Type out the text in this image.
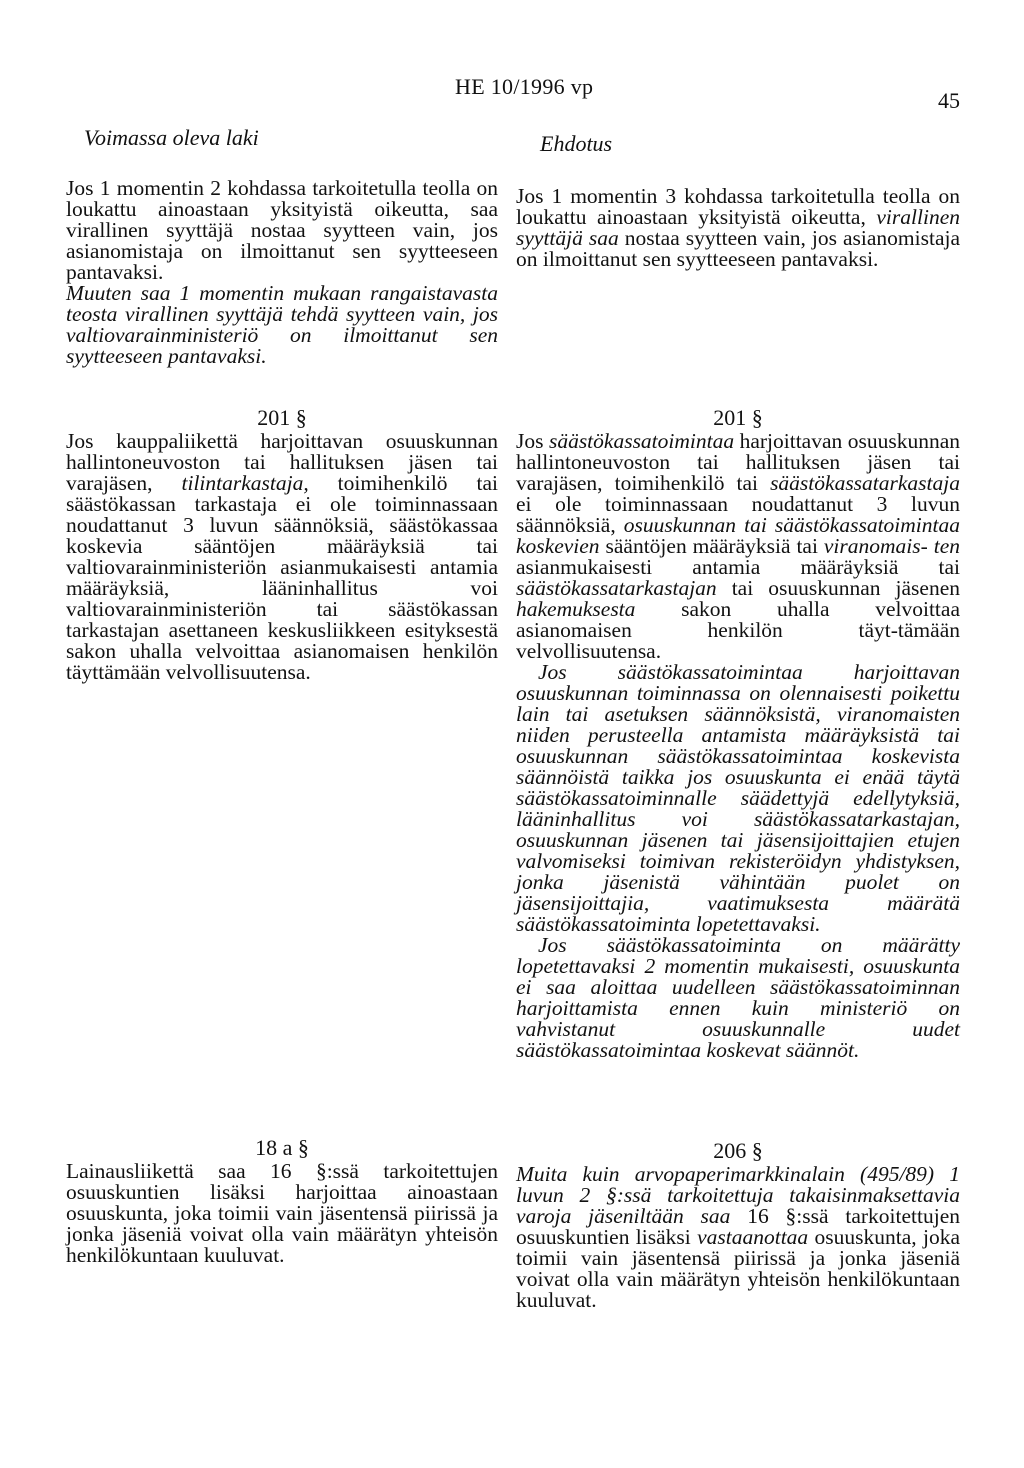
HE 10/1996 vp
45
Voimassa oleva laki	Ehdotus

Jos 1 momentin 2 kohdassa tarkoitetulla teolla on loukattu ainoastaan yksityistä oikeutta, saa virallinen syyttäjä nostaa syytteen vain, jos asianomistaja on ilmoittanut sen syytteeseen pantavaksi.

Muuten saa 1 momentin mukaan rangaistavasta teosta virallinen syyttäjä tehdä syytteen vain, jos valtiovarainministeriö on ilmoittanut sen syytteeseen pantavaksi.

201 §

Jos kauppaliikettä harjoittavan osuuskunnan hallintoneuvoston tai hallituksen jäsen tai varajäsen, tilintarkastaja, toimihenkilö tai säästökassan tarkastaja ei ole toiminnassaan noudattanut 3 luvun säännöksiä, säästökassaa koskevia sääntöjen määräyksiä tai valtiovarainministeriön asianmukaisesti antamia määräyksiä, lääninhallitus voi valtiovarainministeriön tai säästökassan tarkastajan asettaneen keskusliikkeen esityksestä sakon uhalla velvoittaa asianomaisen henkilön täyttämään velvollisuutensa.

18 a §

Lainausliikettä saa 16 §:ssä tarkoitettujen osuuskuntien lisäksi harjoittaa ainoastaan osuuskunta, joka toimii vain jäsentensä piirissä ja jonka jäseniä voivat olla vain määrätyn yhteisön henkilökuntaan kuuluvat.

Jos 1 momentin 3 kohdassa tarkoitetulla teolla on loukattu ainoastaan yksityistä oikeutta, virallinen syyttäjä saa nostaa syytteen vain, jos asianomistaja on ilmoittanut sen syytteeseen pantavaksi.

201 §

Jos säästökassatoimintaa harjoittavan osuuskunnan hallintoneuvoston tai hallituksen jäsen tai varajäsen, toimihenkilö tai säästökassatarkastaja ei ole toiminnassaan noudattanut 3 luvun säännöksiä, osuuskunnan tai säästökassatoimintaa koskevien sääntöjen määräyksiä tai viranomais- ten asianmukaisesti antamia määräyksiä tai säästökassatarkastajan tai osuuskunnan jäsenen hakemuksesta sakon uhalla velvoittaa asianomaisen henkilön täyt-tämään velvollisuutensa.

Jos säästökassatoimintaa harjoittavan osuuskunnan toiminnassa on olennaisesti poikettu lain tai asetuksen säännöksistä, viranomaisten niiden perusteella antamista määräyksistä tai osuuskunnan säästökassatoimintaa koskevista säännöistä taikka jos osuuskunta ei enää täytä säästökassatoiminnalle säädettyjä edellytyksiä, lääninhallitus voi säästökassatarkastajan, osuuskunnan jäsenen tai jäsensijoittajien etujen valvomiseksi toimivan rekisteröidyn yhdistyksen, jonka jäsenistä vähintään puolet on jäsensijoittajia, vaatimuksesta määrätä säästökassatoiminta lopetettavaksi.

Jos säästökassatoiminta on määrätty lopetettavaksi 2 momentin mukaisesti, osuuskunta ei saa aloittaa uudelleen säästökassatoiminnan harjoittamista ennen kuin ministeriö on vahvistanut osuuskunnalle uudet säästökassatoimintaa koskevat säännöt.

206 §

Muita kuin arvopaperimarkkinalain (495/89) 1 luvun 2 §:ssä tarkoitettuja takaisinmaksettavia varoja jäseniltään saa 16 §:ssä tarkoitettujen osuuskuntien lisäksi vastaanottaa osuuskunta, joka toimii vain jäsentensä piirissä ja jonka jäseniä voivat olla vain määrätyn yhteisön henkilökuntaan kuuluvat.
